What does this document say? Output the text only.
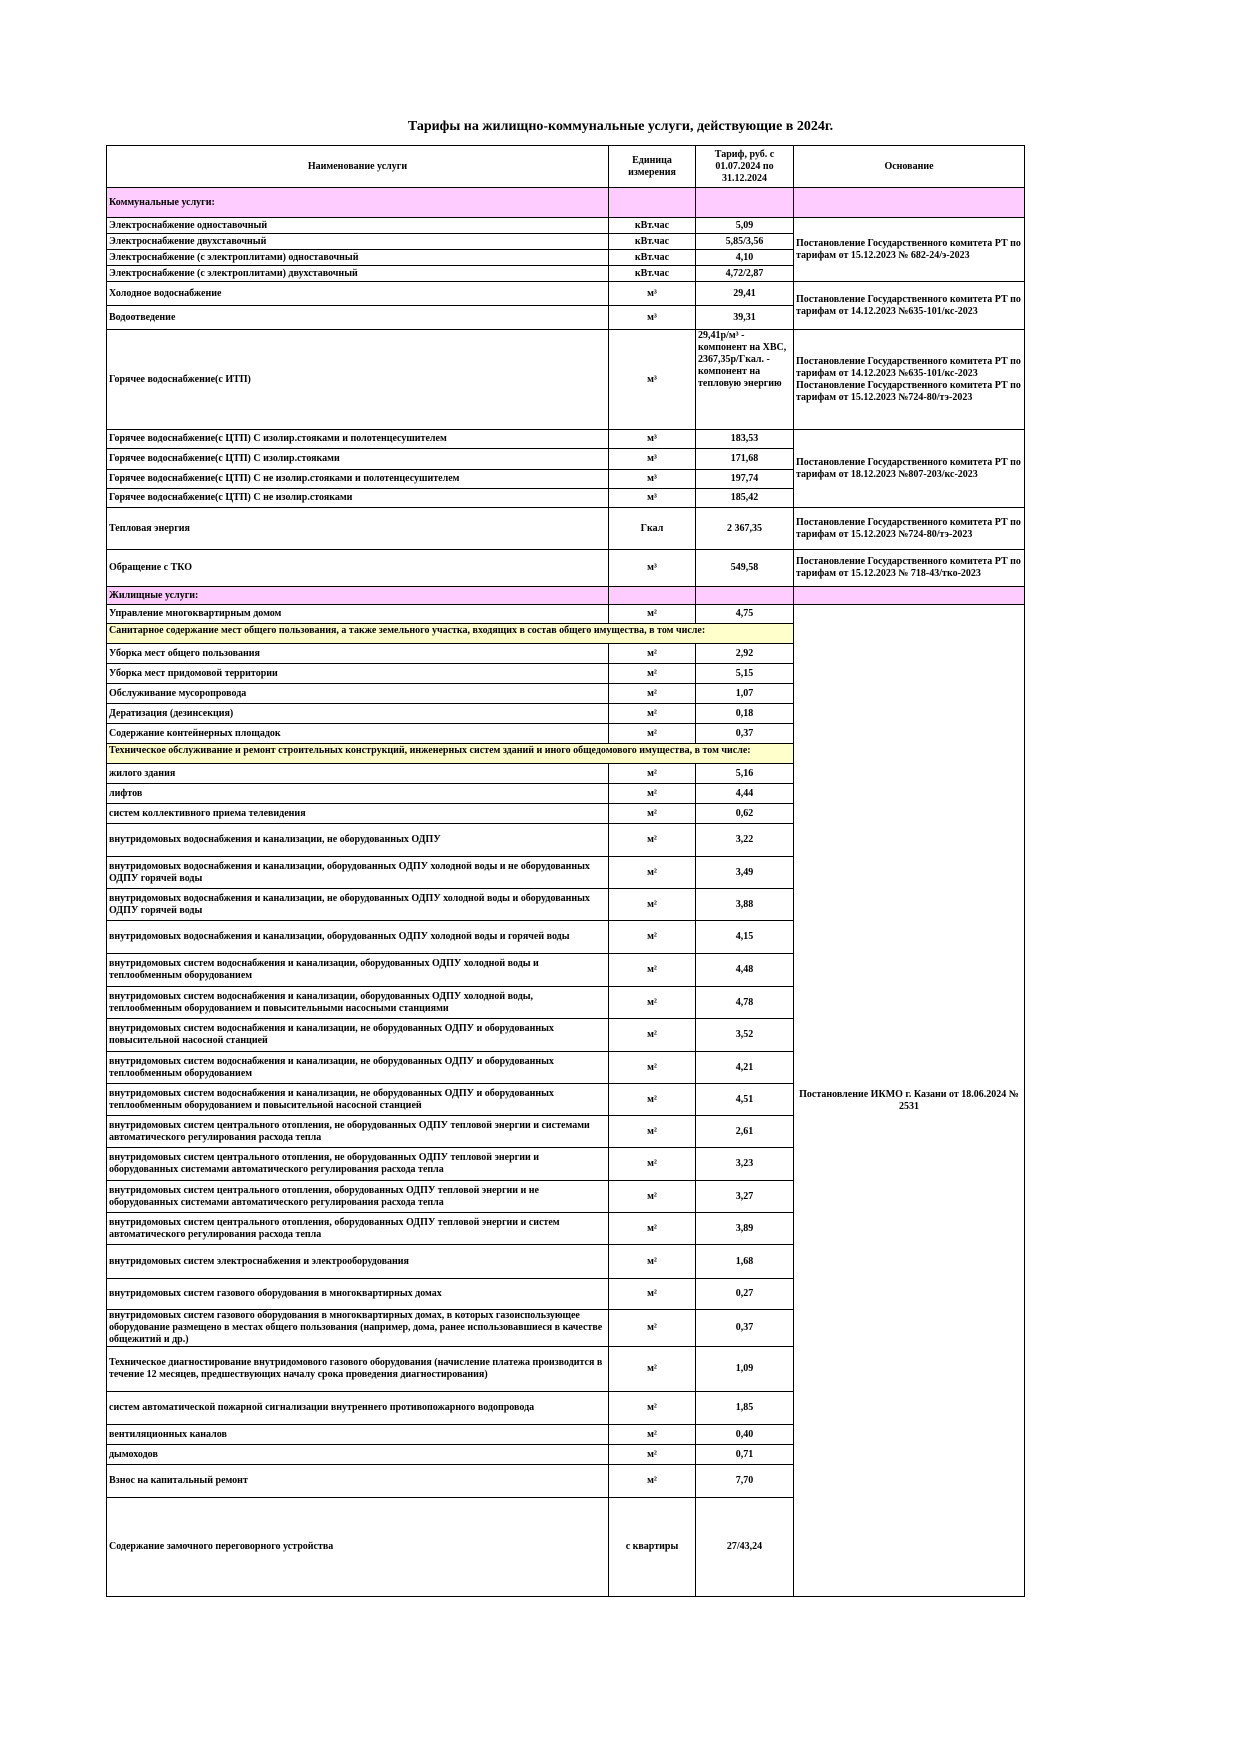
Тарифы на жилищно-коммунальные услуги, действующие в 2024г.
Наименование услуги	Единица измерения	Тариф, руб. с 01.07.2024 по 31.12.2024	Основание
Коммунальные услуги:			
Электроснабжение одноставочный	кВт.час	5,09	Постановление Государственного комитета РТ по тарифам от 15.12.2023 № 682-24/э-2023
Электроснабжение двухставочный	кВт.час	5,85/3,56	
Электроснабжение (с электроплитами) одноставочный	кВт.час	4,10	
Электроснабжение (с электроплитами) двухставочный	кВт.час	4,72/2,87	
Холодное водоснабжение	м³	29,41	Постановление Государственного комитета РТ по тарифам от 14.12.2023 №635-101/кс-2023
Водоотведение	м³	39,31	
Горячее водоснабжение(с ИТП)	м³	29,41р/м³ - компонент на ХВС, 2367,35р/Гкал. - компонент на тепловую энергию	Постановление Государственного комитета РТ по тарифам от 14.12.2023 №635-101/кс-2023 Постановление Государственного комитета РТ по тарифам от 15.12.2023 №724-80/тэ-2023
Горячее водоснабжение(с ЦТП) С изолир.стояками и полотенцесушителем	м³	183,53	Постановление Государственного комитета РТ по тарифам от 18.12.2023 №807-203/кс-2023
Горячее водоснабжение(с ЦТП) С изолир.стояками	м³	171,68	
Горячее водоснабжение(с ЦТП) С не изолир.стояками и полотенцесушителем	м³	197,74	
Горячее водоснабжение(с ЦТП) С не изолир.стояками	м³	185,42	
Тепловая энергия	Гкал	2 367,35	Постановление Государственного комитета РТ по тарифам от 15.12.2023 №724-80/тэ-2023
Обращение с ТКО	м³	549,58	Постановление Государственного комитета РТ по тарифам от 15.12.2023 № 718-43/тко-2023
Жилищные услуги:			
Управление многоквартирным домом	м²	4,75	Постановление ИКМО г. Казани от 18.06.2024 № 2531

Санитарное содержание мест общего пользования, а также земельного участка, входящих в состав общего имущества, в том числе:			

Уборка мест общего пользования	м²	2,92	
Уборка мест придомовой территории	м²	5,15	
Обслуживание мусоропровода	м²	1,07	
Дератизация (дезинсекция)	м²	0,18	
Содержание контейнерных площадок	м²	0,37	

Техническое обслуживание и ремонт строительных конструкций, инженерных систем зданий и иного общедомового имущества, в том числе:			

жилого здания	м²	5,16	
лифтов	м²	4,44	
систем коллективного приема телевидения	м²	0,62	
внутридомовых водоснабжения и канализации, не оборудованных ОДПУ	м²	3,22	
внутридомовых водоснабжения и канализации, оборудованных ОДПУ холодной воды и не оборудованных ОДПУ горячей воды	м²	3,49	
внутридомовых водоснабжения и канализации, не оборудованных ОДПУ холодной воды и оборудованных ОДПУ горячей воды	м²	3,88	
внутридомовых водоснабжения и канализации, оборудованных ОДПУ холодной воды и горячей воды	м²	4,15	
внутридомовых систем водоснабжения и канализации, оборудованных ОДПУ холодной воды и теплообменным оборудованием	м²	4,48	
внутридомовых систем водоснабжения и канализации, оборудованных ОДПУ холодной воды, теплообменным оборудованием и повысительными насосными станциями	м²	4,78	
внутридомовых систем водоснабжения и канализации, не оборудованных ОДПУ и оборудованных повысительной насосной станцией	м²	3,52	
внутридомовых систем водоснабжения и канализации, не оборудованных ОДПУ и оборудованных теплообменным оборудованием	м²	4,21	
внутридомовых систем водоснабжения и канализации, не оборудованных ОДПУ и оборудованных теплообменным оборудованием и повысительной насосной станцией	м²	4,51	
внутридомовых систем центрального отопления, не оборудованных ОДПУ тепловой энергии и системами автоматического регулирования расхода тепла	м²	2,61	
внутридомовых систем центрального отопления, не оборудованных ОДПУ тепловой энергии и оборудованных системами автоматического регулирования расхода тепла	м²	3,23	
внутридомовых систем центрального отопления, оборудованных ОДПУ тепловой энергии и не оборудованных системами автоматического регулирования расхода тепла	м²	3,27	
внутридомовых систем центрального отопления, оборудованных ОДПУ тепловой энергии и систем автоматического регулирования расхода тепла	м²	3,89	
внутридомовых систем электроснабжения и электрооборудования	м²	1,68	
внутридомовых систем газового оборудования в многоквартирных домах	м²	0,27	
внутридомовых систем газового оборудования в многоквартирных домах, в которых газоиспользующее оборудование размещено в местах общего пользования (например, дома, ранее использовавшиеся в качестве общежитий и др.)	м²	0,37	
Техническое диагностирование внутридомового газового оборудования (начисление платежа производится в течение 12 месяцев, предшествующих началу срока проведения диагностирования)	м²	1,09	
систем автоматической пожарной сигнализации внутреннего противопожарного водопровода	м²	1,85	
вентиляционных каналов	м²	0,40	
дымоходов	м²	0,71	
Взнос на капитальный ремонт	м²	7,70	
Содержание замочного переговорного устройства	с квартиры	27/43,24	
